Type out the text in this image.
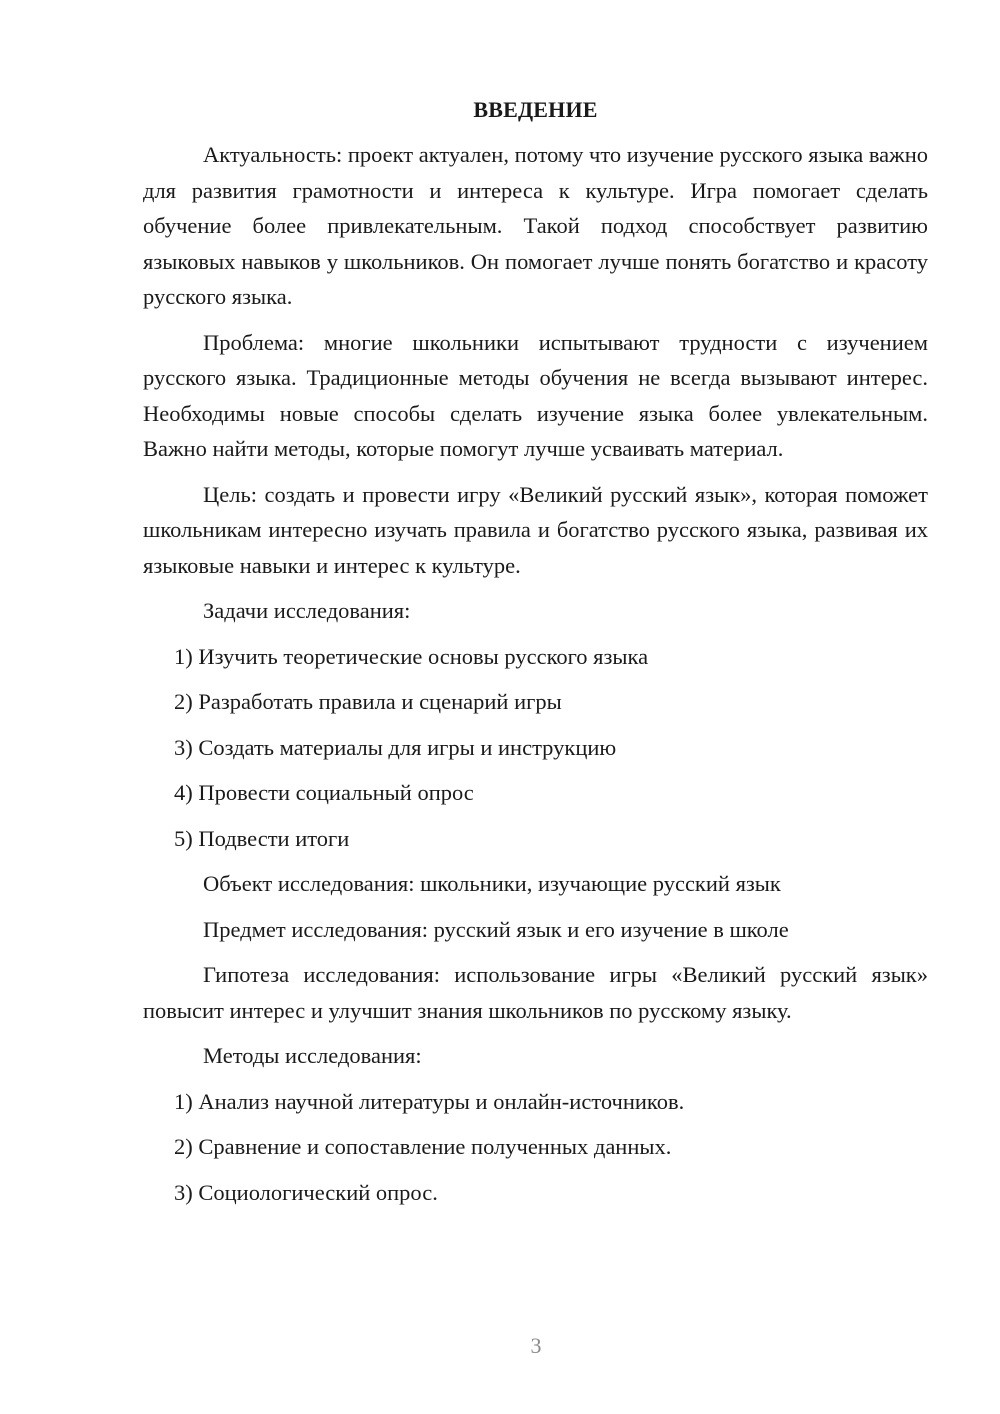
ВВЕДЕНИЕ

Актуальность: проект актуален, потому что изучение русского языка важно для развития грамотности и интереса к культуре. Игра помогает сделать обучение более привлекательным. Такой подход способствует развитию языковых навыков у школьников. Он помогает лучше понять богатство и красоту русского языка.

Проблема: многие школьники испытывают трудности с изучением русского языка. Традиционные методы обучения не всегда вызывают интерес. Необходимы новые способы сделать изучение языка более увлекательным. Важно найти методы, которые помогут лучше усваивать материал.

Цель: создать и провести игру «Великий русский язык», которая поможет школьникам интересно изучать правила и богатство русского языка, развивая их языковые навыки и интерес к культуре.

Задачи исследования:

1) Изучить теоретические основы русского языка

2) Разработать правила и сценарий игры

3) Создать материалы для игры и инструкцию

4) Провести социальный опрос

5) Подвести итоги

Объект исследования: школьники, изучающие русский язык

Предмет исследования: русский язык и его изучение в школе

Гипотеза исследования: использование игры «Великий русский язык» повысит интерес и улучшит знания школьников по русскому языку.

Методы исследования:

1) Анализ научной литературы и онлайн-источников.

2) Сравнение и сопоставление полученных данных.

3) Социологический опрос.

3
